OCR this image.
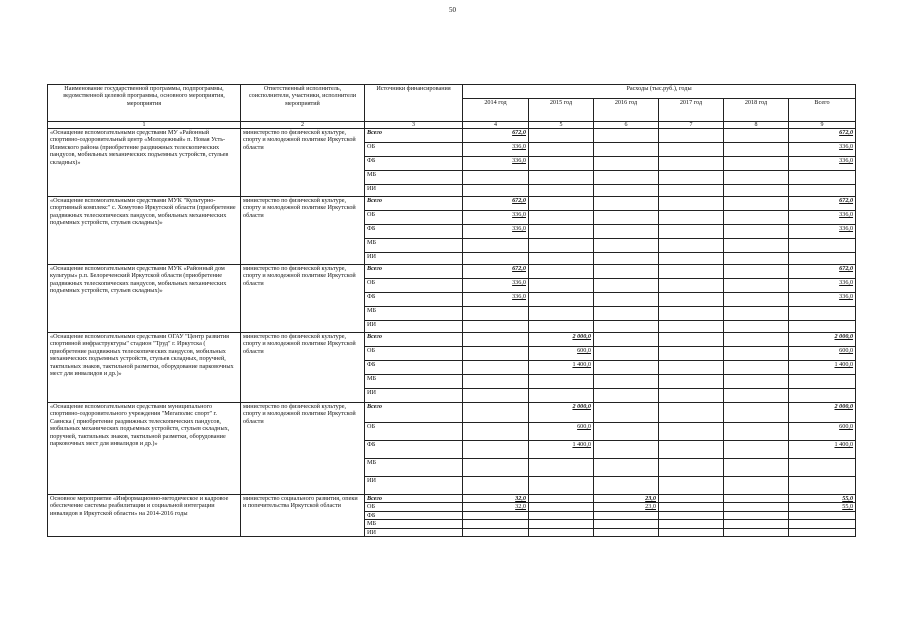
50
Наименование государственной программы, подпрограммы, ведомственной целевой программы, основного мероприятия, мероприятия	Ответственный исполнитель, соисполнители, участники, исполнители мероприятий	Источники финансирования	Расходы (тыс.руб.), годы					
			2014 год	2015 год	2016 год	2017 год	2018 год	Всего
1	2	3	4	5	6	7	8	9
«Оснащение вспомогательными средствами МУ «Районный спортивно-оздоровительный центр «Молодежный» п. Новая Усть-Илимского района (приобретение раздвижных телескопических пандусов, мобильных механических подъемных устройств, стульев складных)»	министерство по физической культуре, спорту и молодежной политике Иркутской области	Всего	672,0					672,0
		ОБ	336,0					336,0
		ФБ	336,0					336,0
		МБ						
		ИИ						
«Оснащение вспомогательными средствами МУК "Культурно-спортивный комплекс" с. Хомутово Иркутской области (приобретение раздвижных телескопических пандусов, мобильных механических подъемных устройств, стульев складных)»	министерство по физической культуре, спорту и молодежной политике Иркутской области	Всего	672,0					672,0
		ОБ	336,0					336,0
		ФБ	336,0					336,0
		МБ						
		ИИ						
«Оснащение вспомогательными средствами МУК «Районный дом культуры» р.п. Белореченский Иркутской области (приобретение раздвижных телескопических пандусов, мобильных механических подъемных устройств, стульев складных)»	министерство по физической культуре, спорту и молодежной политике Иркутской области	Всего	672,0					672,0
		ОБ	336,0					336,0
		ФБ	336,0					336,0
		МБ						
		ИИ						
«Оснащение вспомогательными средствами ОГАУ "Центр развития спортивной инфраструктуры" стадион "Труд" г. Иркутска ( приобретение раздвижных телескопических пандусов, мобильных механических подъемных устройств, стульев складных, поручней, тактильных знаков, тактильной разметки, оборудование парковочных мест для инвалидов и др.)»	министерство по физической культуре, спорту и молодежной политике Иркутской области	Всего		2 000,0				2 000,0
		ОБ		600,0				600,0
		ФБ		1 400,0				1 400,0
		МБ						
		ИИ						
«Оснащение вспомогательными средствами муниципального спортивно-оздоровительного учреждения "Мегаполис спорт" г. Саянска ( приобретение раздвижных телескопических пандусов, мобильных механических подъемных устройств, стульев складных, поручней, тактильных знаков, тактильной разметки, оборудование парковочных мест для инвалидов и др.)»	министерство по физической культуре, спорту и молодежной политике Иркутской области	Всего		2 000,0				2 000,0
		ОБ		600,0				600,0
		ФБ		1 400,0				1 400,0
		МБ						
		ИИ						
Основное мероприятие «Информационно-методическое и кадровое обеспечение системы реабилитации и социальной интеграции инвалидов в Иркутской области» на 2014-2016 годы	министерство социального развития, опеки и попечительства Иркутской области	Всего	32,0		23,0			55,0
		ОБ	32,0		23,0			55,0
		ФБ						
		МБ						
		ИИ						
